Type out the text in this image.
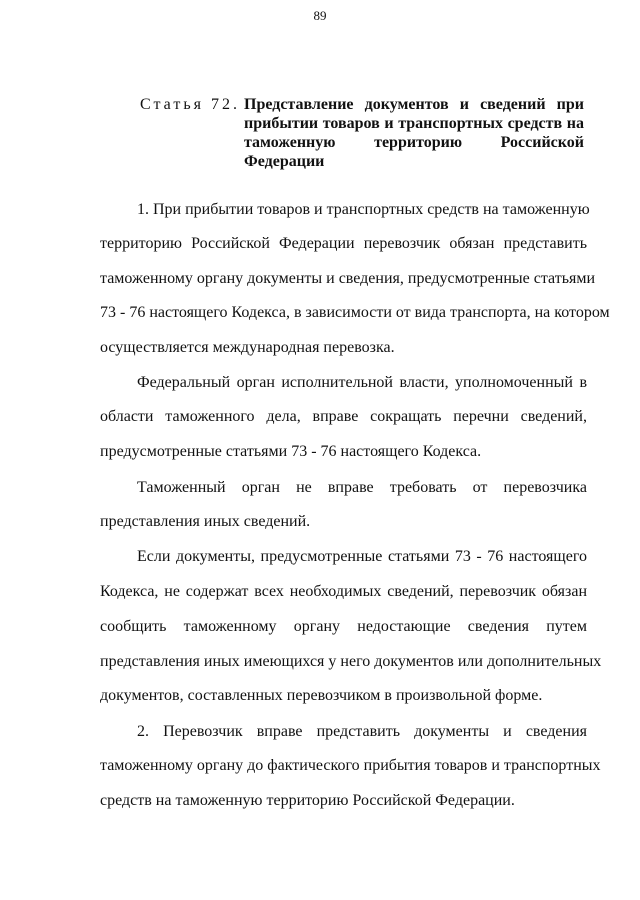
89
Статья 72. Представление документов и сведений при прибытии товаров и транспортных средств на таможенную территорию Российской Федерации
1. При прибытии товаров и транспортных средств на таможенную
территорию Российской Федерации перевозчик обязан представить
таможенному органу документы и сведения, предусмотренные статьями
73 - 76 настоящего Кодекса, в зависимости от вида транспорта, на котором
осуществляется международная перевозка.
Федеральный орган исполнительной власти, уполномоченный в
области таможенного дела, вправе сокращать перечни сведений,
предусмотренные статьями 73 - 76 настоящего Кодекса.
Таможенный орган не вправе требовать от перевозчика
представления иных сведений.
Если документы, предусмотренные статьями 73 - 76 настоящего
Кодекса, не содержат всех необходимых сведений, перевозчик обязан
сообщить таможенному органу недостающие сведения путем
представления иных имеющихся у него документов или дополнительных
документов, составленных перевозчиком в произвольной форме.
2. Перевозчик вправе представить документы и сведения
таможенному органу до фактического прибытия товаров и транспортных
средств на таможенную территорию Российской Федерации.
